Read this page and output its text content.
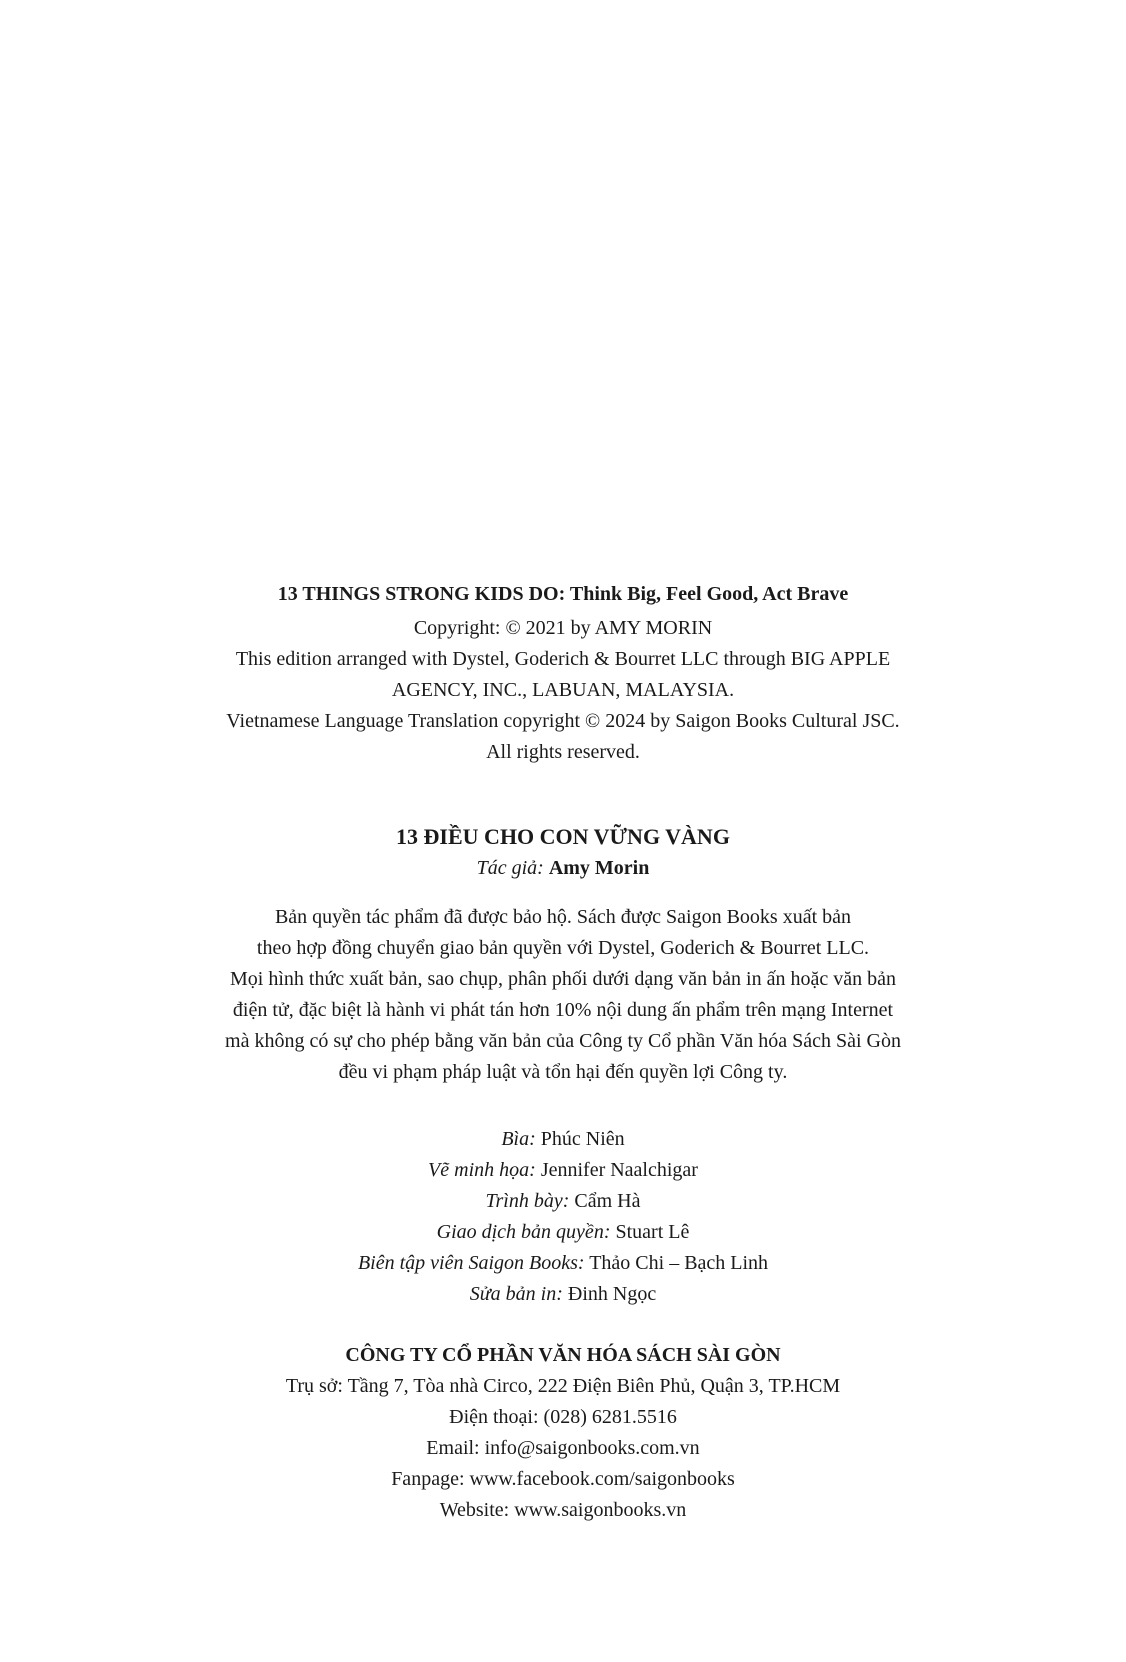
13 THINGS STRONG KIDS DO: Think Big, Feel Good, Act Brave
Copyright: © 2021 by AMY MORIN
This edition arranged with Dystel, Goderich & Bourret LLC through BIG APPLE
AGENCY, INC., LABUAN, MALAYSIA.
Vietnamese Language Translation copyright © 2024 by Saigon Books Cultural JSC.
All rights reserved.
13 ĐIỀU CHO CON VỮNG VÀNG
Tác giả: Amy Morin
Bản quyền tác phẩm đã được bảo hộ. Sách được Saigon Books xuất bản
theo hợp đồng chuyển giao bản quyền với Dystel, Goderich & Bourret LLC.
Mọi hình thức xuất bản, sao chụp, phân phối dưới dạng văn bản in ấn hoặc văn bản
điện tử, đặc biệt là hành vi phát tán hơn 10% nội dung ấn phẩm trên mạng Internet
mà không có sự cho phép bằng văn bản của Công ty Cổ phần Văn hóa Sách Sài Gòn
đều vi phạm pháp luật và tổn hại đến quyền lợi Công ty.
Bìa: Phúc Niên
Vẽ minh họa: Jennifer Naalchigar
Trình bày: Cẩm Hà
Giao dịch bản quyền: Stuart Lê
Biên tập viên Saigon Books: Thảo Chi – Bạch Linh
Sửa bản in: Đinh Ngọc
CÔNG TY CỔ PHẦN VĂN HÓA SÁCH SÀI GÒN
Trụ sở: Tầng 7, Tòa nhà Circo, 222 Điện Biên Phủ, Quận 3, TP.HCM
Điện thoại: (028) 6281.5516
Email: info@saigonbooks.com.vn
Fanpage: www.facebook.com/saigonbooks
Website: www.saigonbooks.vn
